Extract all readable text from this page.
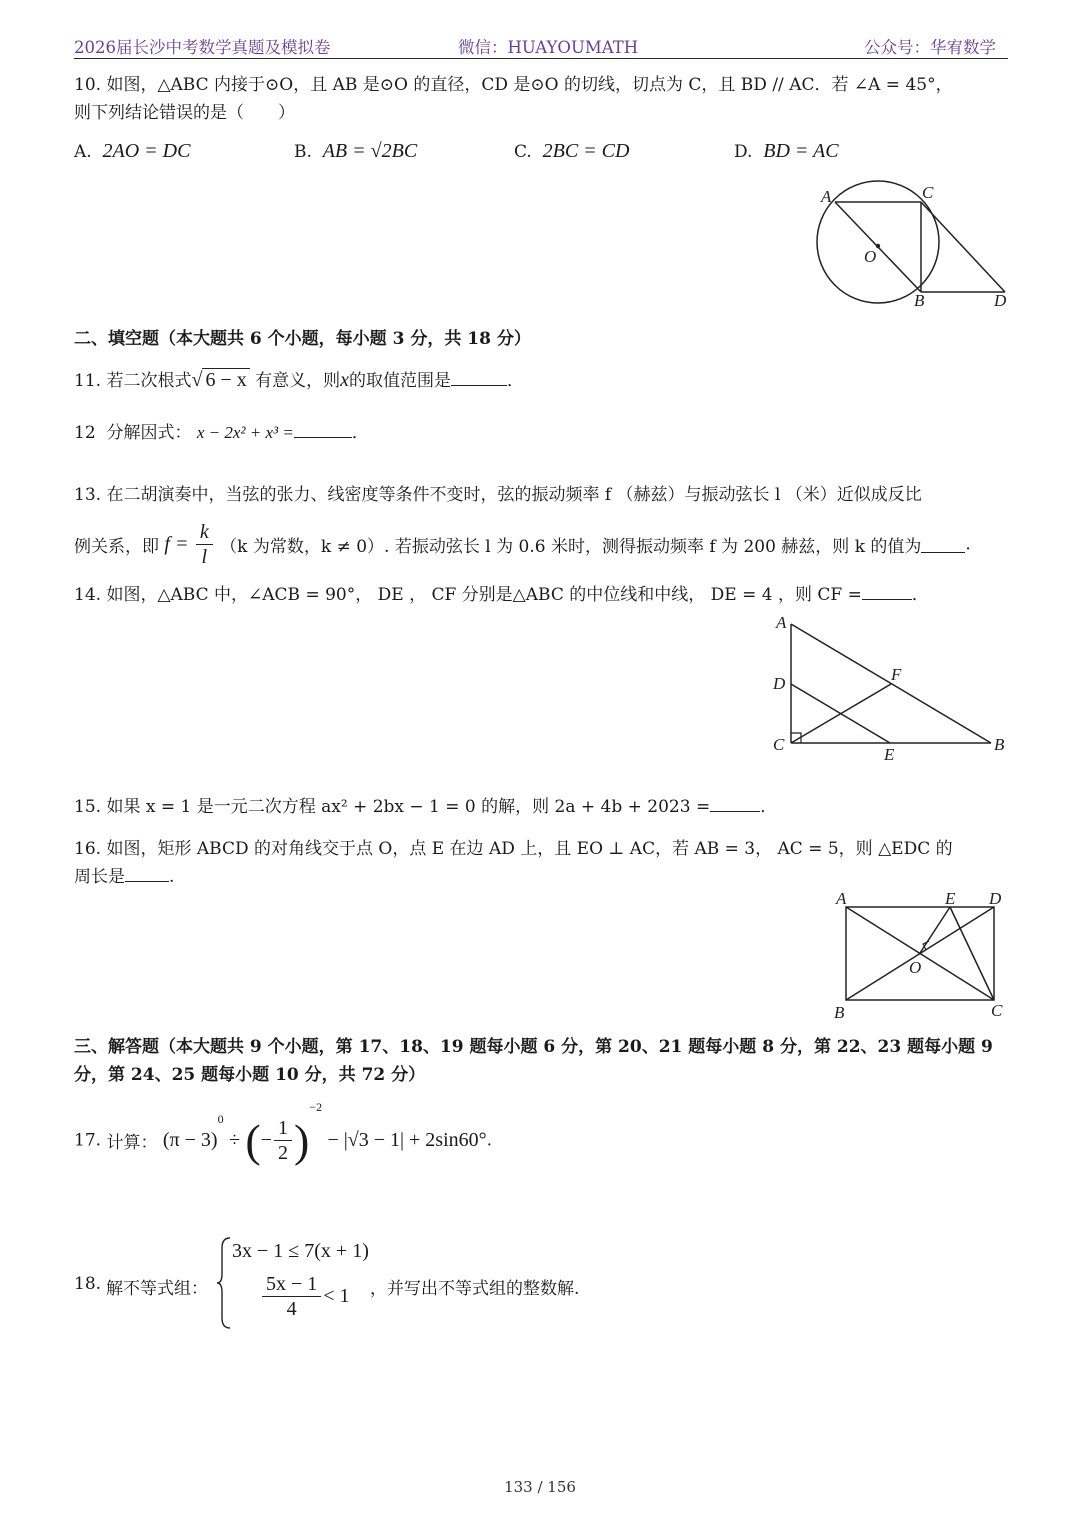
2026届长沙中考数学真题及模拟卷	微信：HUAYOUMATH	公众号：华宥数学
10. 如图，△ABC 内接于⊙O，且 AB 是⊙O 的直径，CD 是⊙O 的切线，切点为 C，且 BD // AC．若 ∠A = 45°，
则下列结论错误的是（　　）
A. 2AO = DC	B. AB = √2BC	C. 2BC = CD	D. BD = AC
A	C
O
B	D
二、填空题（本大题共 6 个小题，每小题 3 分，共 18 分）
11. 若二次根式√ 6 − x 有意义，则x的取值范围是	．
12 分解因式： x − 2x² + x³ =	．
13. 在二胡演奏中，当弦的张力、线密度等条件不变时，弦的振动频率 f （赫兹）与振动弦长 l （米）近似成反比
例关系，即 $f = \frac{k}{l} (k$ 为常数，k ≠ 0）. 若振动弦长 l 为 0.6 米时，测得振动频率 f 为 200 赫兹，则 k 的值为	.
14. 如图，△ABC 中，∠ACB = 90°， DE ， CF 分别是△ABC 的中位线和中线， DE = 4 ，则 CF =	．
A
D	F
C
E
B
15. 如果 x = 1 是一元二次方程 ax² + 2bx − 1 = 0 的解，则 2a + 4b + 2023 =	．
16. 如图，矩形 ABCD 的对角线交于点 O，点 E 在边 AD 上，且 EO ⊥ AC，若 AB = 3， AC = 5，则 △EDC 的
周长是	.
A	E D
O
B	C
三、解答题（本大题共 9 个小题，第 17、18、19 题每小题 6 分，第 20、21 题每小题 8 分，第 22、23 题每小题 9
分，第 24、25 题每小题 10 分，共 72 分）
17. 计算： $(\pi - 3)^0$ ÷ (− $\frac{1}{2} )^{-2} - |√3 - 1| + 2\sin 60^\circ$.
18. 解不等式组：
3x − 1 ≤ 7(x + 1)
$\frac{5x - 1}{4} < 1$ ，并写出不等式组的整数解.
133 / 156
